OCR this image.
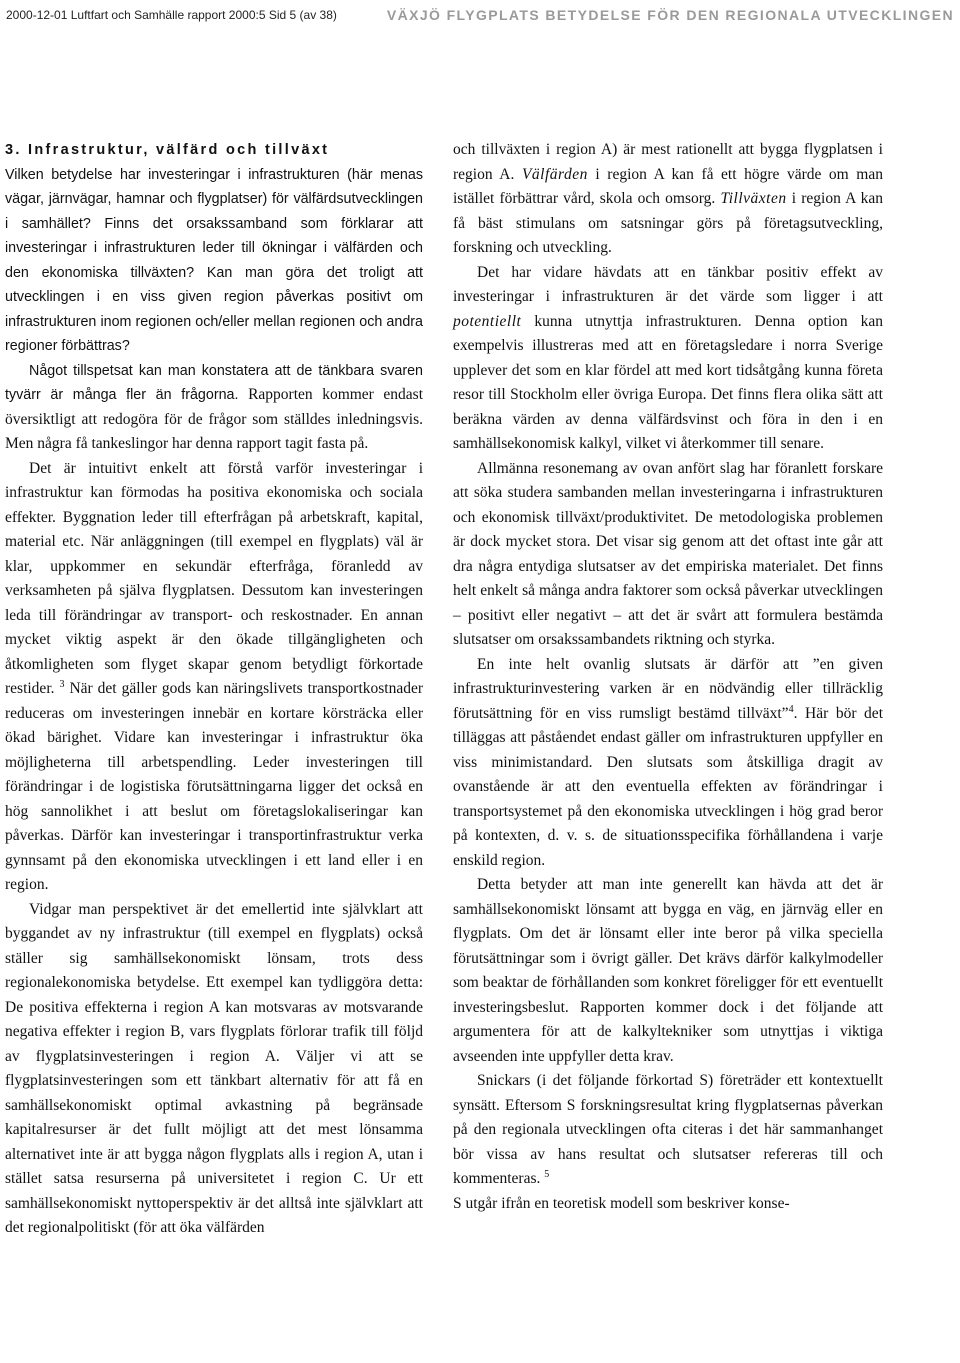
2000-12-01 Luftfart och Samhälle rapport 2000:5 Sid 5 (av 38)	VÄXJÖ FLYGPLATS BETYDELSE FÖR DEN REGIONALA UTVECKLINGEN

3. Infrastruktur, välfärd och tillväxt

Vilken betydelse har investeringar i infrastrukturen (här menas vägar, järnvägar, hamnar och flygplatser) för välfärdsutvecklingen i samhället? Finns det orsakssamband som förklarar att investeringar i infrastrukturen leder till ökningar i välfärden och den ekonomiska tillväxten? Kan man göra det troligt att utvecklingen i en viss given region påverkas positivt om infrastrukturen inom regionen och/eller mellan regionen och andra regioner förbättras?

Något tillspetsat kan man konstatera att de tänkbara svaren tyvärr är många fler än frågorna. Rapporten kommer endast översiktligt att redogöra för de frågor som ställdes inledningsvis. Men några få tankeslingor har denna rapport tagit fasta på.

Det är intuitivt enkelt att förstå varför investeringar i infrastruktur kan förmodas ha positiva ekonomiska och sociala effekter. Byggnation leder till efterfrågan på arbetskraft, kapital, material etc. När anläggningen (till exempel en flygplats) väl är klar, uppkommer en sekundär efterfråga, föranledd av verksamheten på själva flygplatsen. Dessutom kan investeringen leda till förändringar av transport- och reskostnader. En annan mycket viktig aspekt är den ökade tillgängligheten och åtkomligheten som flyget skapar genom betydligt förkortade restider. $^3$ När det gäller gods kan näringslivets transportkostnader reduceras om investeringen innebär en kortare körsträcka eller ökad bärighet. Vidare kan investeringar i infrastruktur öka möjligheterna till arbetspendling. Leder investeringen till förändringar i de logistiska förutsättningarna ligger det också en hög sannolikhet i att beslut om företagslokaliseringar kan påverkas. Därför kan investeringar i transportinfrastruktur verka gynnsamt på den ekonomiska utvecklingen i ett land eller i en region.

Vidgar man perspektivet är det emellertid inte självklart att byggandet av ny infrastruktur (till exempel en flygplats) också ställer sig samhällsekonomiskt lönsam, trots dess regionalekonomiska betydelse. Ett exempel kan tydliggöra detta: De positiva effekterna i region A kan motsvaras av motsvarande negativa effekter i region B, vars flygplats förlorar trafik till följd av flygplatsinvesteringen i region A. Väljer vi att se flygplatsinvesteringen som ett tänkbart alternativ för att få en samhällsekonomiskt optimal avkastning på begränsade kapitalresurser är det fullt möjligt att det mest lönsamma alternativet inte är att bygga någon flygplats alls i region A, utan i stället satsa resurserna på universitetet i region C. Ur ett samhällsekonomiskt nyttoperspektiv är det alltså inte självklart att det regionalpolitiskt (för att öka välfärden

och tillväxten i region A) är mest rationellt att bygga flygplatsen i region A. Välfärden i region A kan få ett högre värde om man istället förbättrar vård, skola och omsorg. Tillväxten i region A kan få bäst stimulans om satsningar görs på företagsutveckling, forskning och utveckling.

Det har vidare hävdats att en tänkbar positiv effekt av investeringar i infrastrukturen är det värde som ligger i att potentiellt kunna utnyttja infrastrukturen. Denna option kan exempelvis illustreras med att en företagsledare i norra Sverige upplever det som en klar fördel att med kort tidsåtgång kunna företa resor till Stockholm eller övriga Europa. Det finns flera olika sätt att beräkna värden av denna välfärdsvinst och föra in den i en samhällsekonomisk kalkyl, vilket vi återkommer till senare.

Allmänna resonemang av ovan anfört slag har föranlett forskare att söka studera sambanden mellan investeringarna i infrastrukturen och ekonomisk tillväxt/produktivitet. De metodologiska problemen är dock mycket stora. Det visar sig genom att det oftast inte går att dra några entydiga slutsatser av det empiriska materialet. Det finns helt enkelt så många andra faktorer som också påverkar utvecklingen – positivt eller negativt – att det är svårt att formulera bestämda slutsatser om orsakssambandets riktning och styrka.

En inte helt ovanlig slutsats är därför att ”en given infrastrukturinvestering varken är en nödvändig eller tillräcklig förutsättning för en viss rumsligt bestämd tillväxt”$^4$. Här bör det tilläggas att påståendet endast gäller om infrastrukturen uppfyller en viss minimistandard. Den slutsats som åtskilliga dragit av ovanstående är att den eventuella effekten av förändringar i transportsystemet på den ekonomiska utvecklingen i hög grad beror på kontexten, d. v. s. de situationsspecifika förhållandena i varje enskild region.

Detta betyder att man inte generellt kan hävda att det är samhällsekonomiskt lönsamt att bygga en väg, en järnväg eller en flygplats. Om det är lönsamt eller inte beror på vilka speciella förutsättningar som i övrigt gäller. Det krävs därför kalkylmodeller som beaktar de förhållanden som konkret föreligger för ett eventuellt investeringsbeslut. Rapporten kommer dock i det följande att argumentera för att de kalkyltekniker som utnyttjas i viktiga avseenden inte uppfyller detta krav.

Snickars (i det följande förkortad S) företräder ett kontextuellt synsätt. Eftersom S forskningsresultat kring flygplatsernas påverkan på den regionala utvecklingen ofta citeras i det här sammanhanget bör vissa av hans resultat och slutsatser refereras till och kommenteras. $^5$

S utgår ifrån en teoretisk modell som beskriver konse-
